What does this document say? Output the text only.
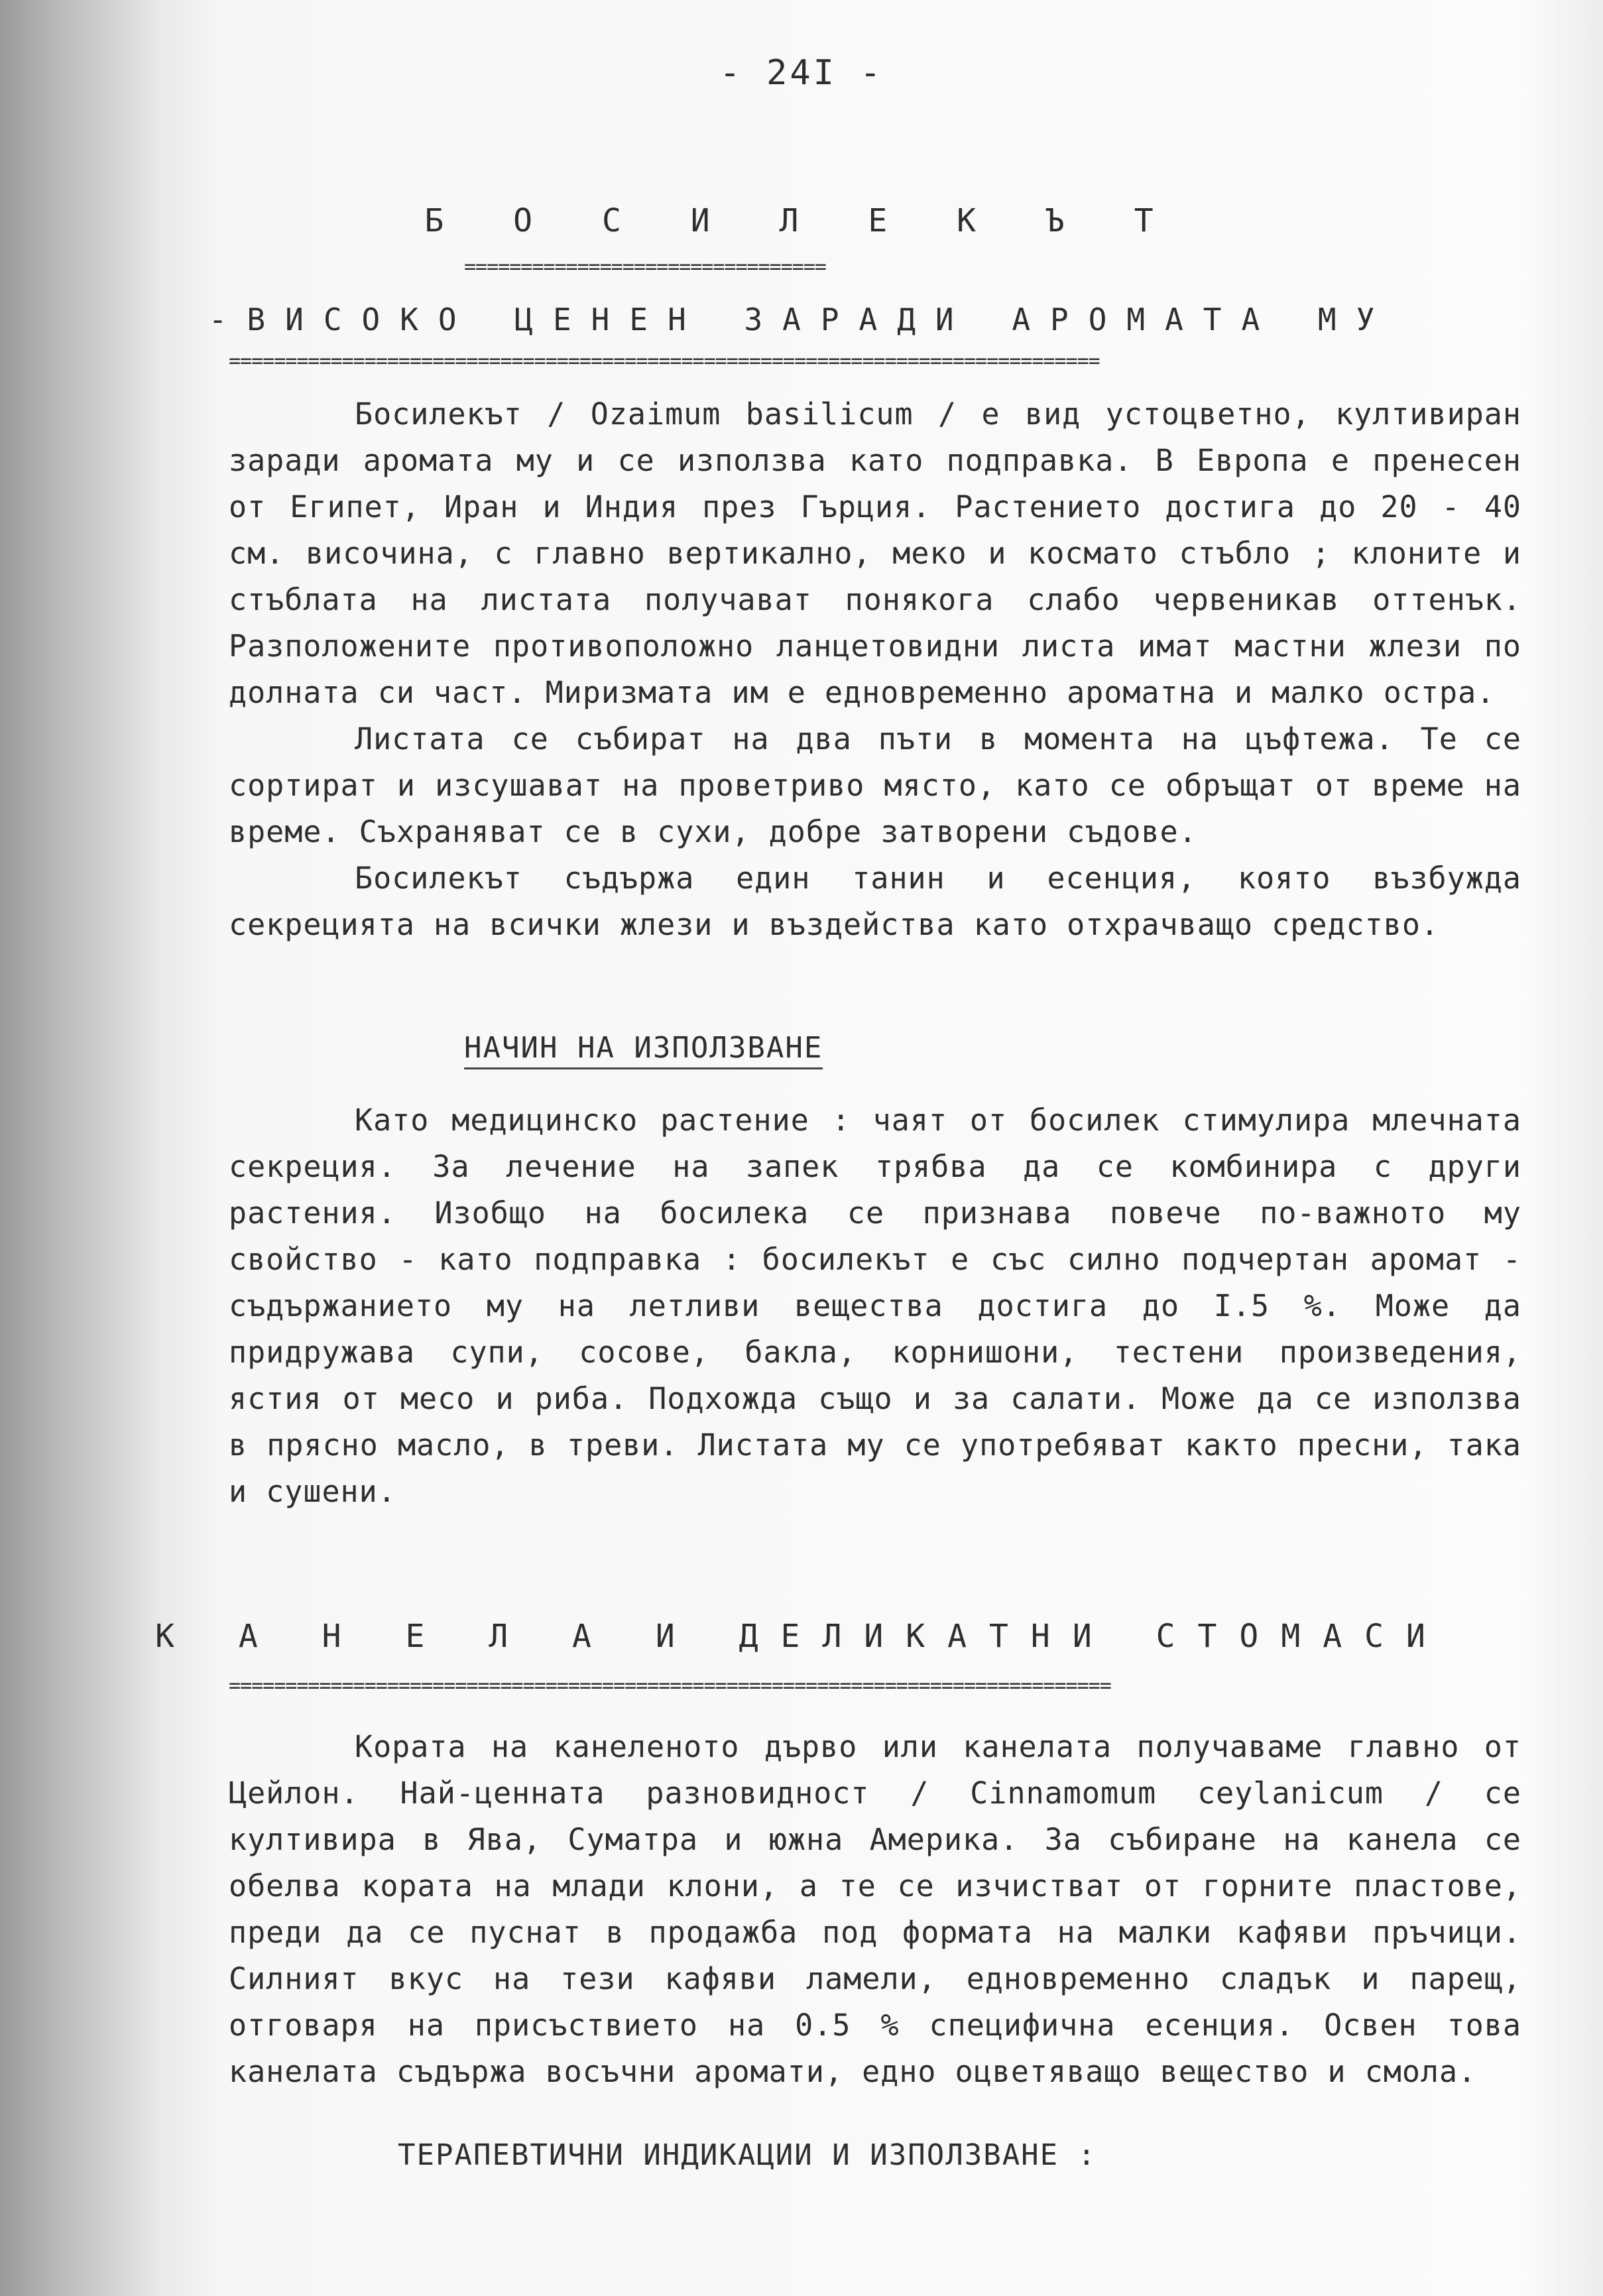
- 24I -
Б О С И Л Е К Ъ Т
================================
-ВИСОКО ЦЕНЕН ЗАРАДИ АРОМАТА МУ
=============================================================================

Босилекът / Ozaimum basilicum / е вид устоцветно, култивиран заради аромата му и се използва като подправка. В Европа е пренесен от Египет, Иран и Индия през Гърция. Растението достига до 20 - 40 см. височина, с главно вертикално, меко и космато стъбло ; клоните и стъблата на листата получават понякога слабо червеникав оттенък. Разположените противоположно ланцетовидни листа имат мастни жлези по долната си част. Миризмата им е едновременно ароматна и малко остра.

Листата се събират на два пъти в момента на цъфтежа. Те се сортират и изсушават на проветриво място, като се обръщат от време на време. Съхраняват се в сухи, добре затворени съдове.

Босилекът съдържа един танин и есенция, която възбужда секрецията на всички жлези и въздейства като отхрачващо средство.

НАЧИН НА ИЗПОЛЗВАНЕ

Като медицинско растение : чаят от босилек стимулира млечната секреция. За лечение на запек трябва да се комбинира с други растения. Изобщо на босилека се признава повече по-важното му свойство - като подправка : босилекът е със силно подчертан аромат - съдържанието му на летливи вещества достига до I.5 %. Може да придружава супи, сосове, бакла, корнишони, тестени произведения, ястия от месо и риба. Подхожда също и за салати. Може да се използва в прясно масло, в треви. Листата му се употребяват както пресни, така и сушени.

К А Н Е Л А И ДЕЛИКАТНИ СТОМАСИ
==============================================================================

Кората на канеленото дърво или канелата получаваме главно от Цейлон. Най-ценната разновидност / Cinnamomum ceylanicum / се култивира в Ява, Суматра и южна Америка. За събиране на канела се обелва кората на млади клони, а те се изчистват от горните пластове, преди да се пуснат в продажба под формата на малки кафяви пръчици. Силният вкус на тези кафяви ламели, едновременно сладък и парещ, отговаря на присъствието на 0.5 % специфична есенция. Освен това канелата съдържа восъчни аромати, едно оцветяващо вещество и смола.

ТЕРАПЕВТИЧНИ ИНДИКАЦИИ И ИЗПОЛЗВАНЕ :
